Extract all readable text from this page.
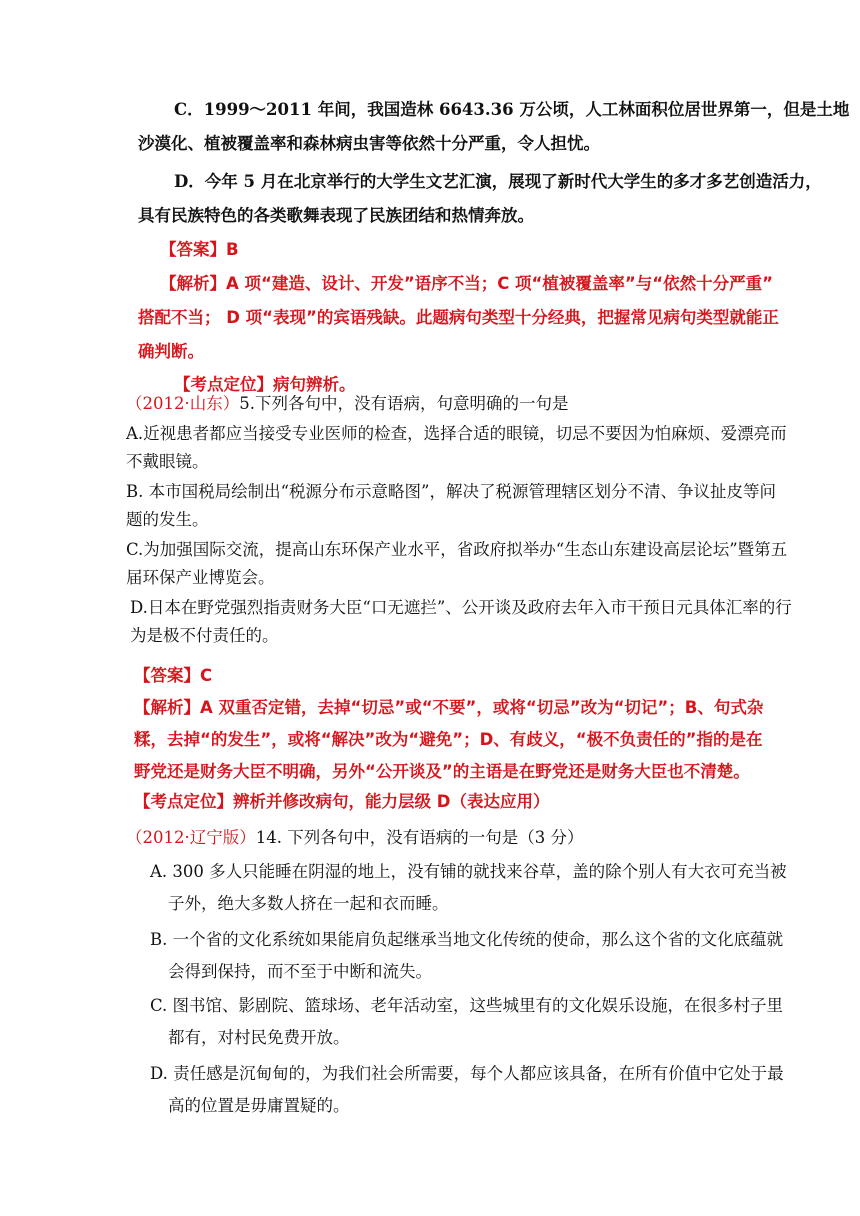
C．1999～2011 年间，我国造林 6643.36 万公顷，人工林面积位居世界第一，但是土地
沙漠化、植被覆盖率和森林病虫害等依然十分严重，令人担忧。
D．今年 5 月在北京举行的大学生文艺汇演，展现了新时代大学生的多才多艺创造活力，
具有民族特色的各类歌舞表现了民族团结和热情奔放。
【答案】B
【解析】A 项“建造、设计、开发”语序不当；C 项“植被覆盖率”与“依然十分严重”
搭配不当； D 项“表现”的宾语残缺。此题病句类型十分经典，把握常见病句类型就能正
确判断。
【考点定位】病句辨析。
（2012·山东）5.下列各句中，没有语病，句意明确的一句是
A.近视患者都应当接受专业医师的检查，选择合适的眼镜，切忌不要因为怕麻烦、爱漂亮而
不戴眼镜。
B. 本市国税局绘制出“税源分布示意略图”，解决了税源管理辖区划分不清、争议扯皮等问
题的发生。
C.为加强国际交流，提高山东环保产业水平，省政府拟举办“生态山东建设高层论坛”暨第五
届环保产业博览会。
D.日本在野党强烈指责财务大臣“口无遮拦”、公开谈及政府去年入市干预日元具体汇率的行
为是极不付责任的。
【答案】C
【解析】A 双重否定错，去掉“切忌”或“不要”，或将“切忌”改为“切记”；B、句式杂
糅，去掉“的发生”，或将“解决”改为“避免”；D、有歧义，“极不负责任的”指的是在
野党还是财务大臣不明确，另外“公开谈及”的主语是在野党还是财务大臣也不清楚。
【考点定位】辨析并修改病句，能力层级 D（表达应用）
（2012·辽宁版）14. 下列各句中，没有语病的一句是（3 分）
A. 300 多人只能睡在阴湿的地上，没有铺的就找来谷草，盖的除个别人有大衣可充当被
子外，绝大多数人挤在一起和衣而睡。
B. 一个省的文化系统如果能肩负起继承当地文化传统的使命，那么这个省的文化底蕴就
会得到保持，而不至于中断和流失。
C. 图书馆、影剧院、篮球场、老年活动室，这些城里有的文化娱乐设施，在很多村子里
都有，对村民免费开放。
D. 责任感是沉甸甸的，为我们社会所需要，每个人都应该具备，在所有价值中它处于最
高的位置是毋庸置疑的。
